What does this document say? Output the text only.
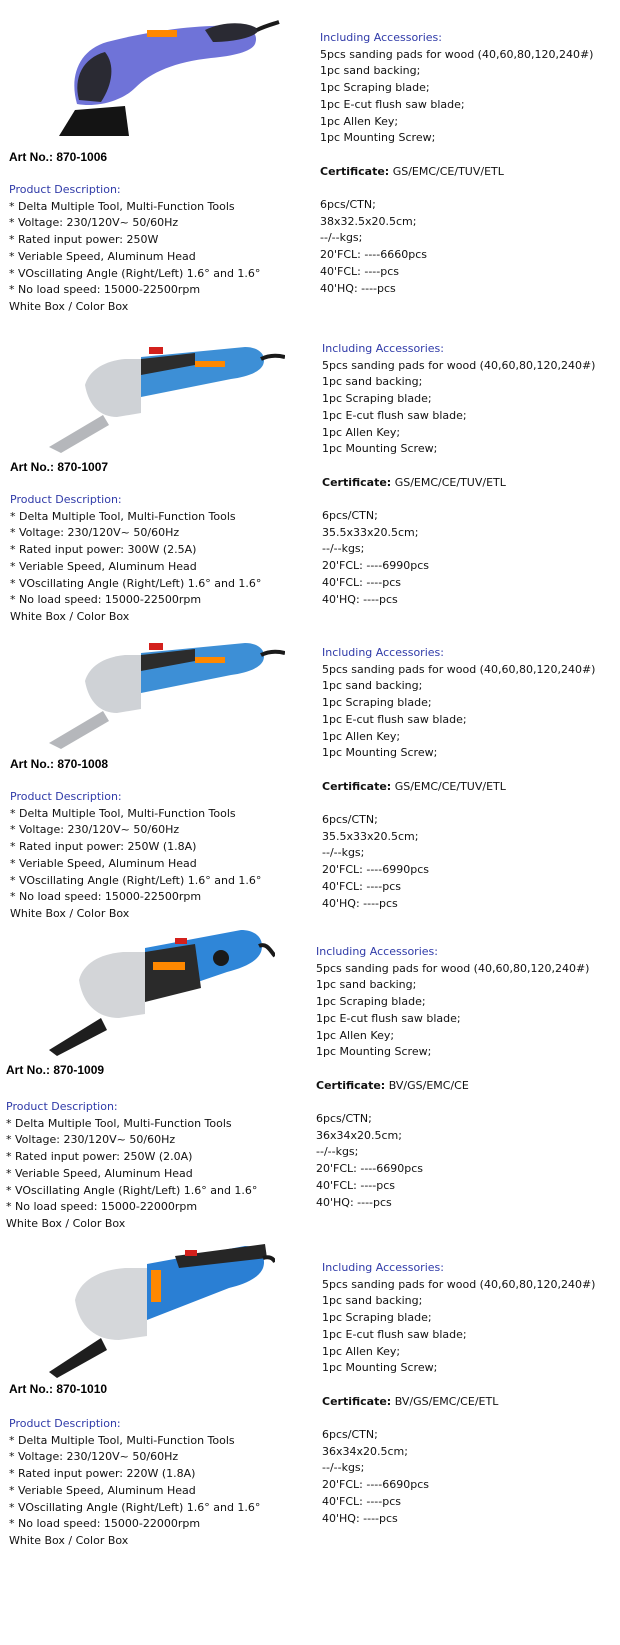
Art No.: 870-1006
Product Description:
* Delta Multiple Tool, Multi-Function Tools
* Voltage: 230/120V~ 50/60Hz
* Rated input power: 250W
* Veriable Speed, Aluminum Head
* VOscillating Angle (Right/Left) 1.6° and 1.6°
* No load speed: 15000-22500rpm
White Box / Color Box
Including Accessories:
5pcs sanding pads for wood (40,60,80,120,240#)
1pc sand backing;
1pc Scraping blade;
1pc E-cut flush saw blade;
1pc Allen Key;
1pc Mounting Screw;
Certificate: GS/EMC/CE/TUV/ETL
6pcs/CTN;
38x32.5x20.5cm;
--/--kgs;
20'FCL: ----6660pcs
40'FCL: ----pcs
40'HQ: ----pcs
Art No.: 870-1007
Product Description:
* Delta Multiple Tool, Multi-Function Tools
* Voltage: 230/120V~ 50/60Hz
* Rated input power: 300W (2.5A)
* Veriable Speed, Aluminum Head
* VOscillating Angle (Right/Left) 1.6° and 1.6°
* No load speed: 15000-22500rpm
White Box / Color Box
Including Accessories:
5pcs sanding pads for wood (40,60,80,120,240#)
1pc sand backing;
1pc Scraping blade;
1pc E-cut flush saw blade;
1pc Allen Key;
1pc Mounting Screw;
Certificate: GS/EMC/CE/TUV/ETL
6pcs/CTN;
35.5x33x20.5cm;
--/--kgs;
20'FCL: ----6990pcs
40'FCL: ----pcs
40'HQ: ----pcs
Art No.: 870-1008
Product Description:
* Delta Multiple Tool, Multi-Function Tools
* Voltage: 230/120V~ 50/60Hz
* Rated input power: 250W (1.8A)
* Veriable Speed, Aluminum Head
* VOscillating Angle (Right/Left) 1.6° and 1.6°
* No load speed: 15000-22500rpm
White Box / Color Box
Including Accessories:
5pcs sanding pads for wood (40,60,80,120,240#)
1pc sand backing;
1pc Scraping blade;
1pc E-cut flush saw blade;
1pc Allen Key;
1pc Mounting Screw;
Certificate: GS/EMC/CE/TUV/ETL
6pcs/CTN;
35.5x33x20.5cm;
--/--kgs;
20'FCL: ----6990pcs
40'FCL: ----pcs
40'HQ: ----pcs
Art No.: 870-1009
Product Description:
* Delta Multiple Tool, Multi-Function Tools
* Voltage: 230/120V~ 50/60Hz
* Rated input power: 250W (2.0A)
* Veriable Speed, Aluminum Head
* VOscillating Angle (Right/Left) 1.6° and 1.6°
* No load speed: 15000-22000rpm
White Box / Color Box
Including Accessories:
5pcs sanding pads for wood (40,60,80,120,240#)
1pc sand backing;
1pc Scraping blade;
1pc E-cut flush saw blade;
1pc Allen Key;
1pc Mounting Screw;
Certificate: BV/GS/EMC/CE
6pcs/CTN;
36x34x20.5cm;
--/--kgs;
20'FCL: ----6690pcs
40'FCL: ----pcs
40'HQ: ----pcs
Art No.: 870-1010
Product Description:
* Delta Multiple Tool, Multi-Function Tools
* Voltage: 230/120V~ 50/60Hz
* Rated input power: 220W (1.8A)
* Veriable Speed, Aluminum Head
* VOscillating Angle (Right/Left) 1.6° and 1.6°
* No load speed: 15000-22000rpm
White Box / Color Box
Including Accessories:
5pcs sanding pads for wood (40,60,80,120,240#)
1pc sand backing;
1pc Scraping blade;
1pc E-cut flush saw blade;
1pc Allen Key;
1pc Mounting Screw;
Certificate: BV/GS/EMC/CE/ETL
6pcs/CTN;
36x34x20.5cm;
--/--kgs;
20'FCL: ----6690pcs
40'FCL: ----pcs
40'HQ: ----pcs
